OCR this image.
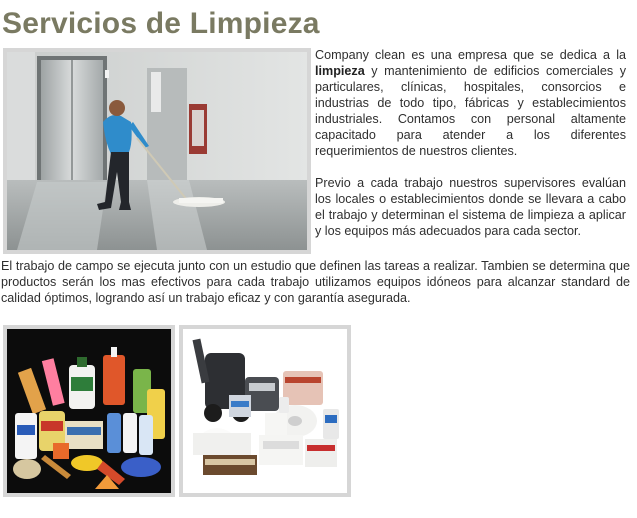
Servicios de Limpieza

Company clean es una empresa que se dedica a la limpieza y mantenimiento de edificios comerciales y particulares, clínicas, hospitales, consorcios e industrias de todo tipo, fábricas y establecimientos industriales. Contamos con personal altamente capacitado para atender a los diferentes requerimientos de nuestros clientes.

Previo a cada trabajo nuestros supervisores evalúan los locales o establecimientos donde se llevara a cabo el trabajo y determinan el sistema de limpieza a aplicar y los equipos más adecuados para cada sector.

El trabajo de campo se ejecuta junto con un estudio que definen las tareas a realizar. Tambien se determina que productos serán los mas efectivos para cada trabajo utilizamos equipos idóneos para alcanzar standard de calidad óptimos, logrando así un trabajo eficaz y con garantía asegurada.
